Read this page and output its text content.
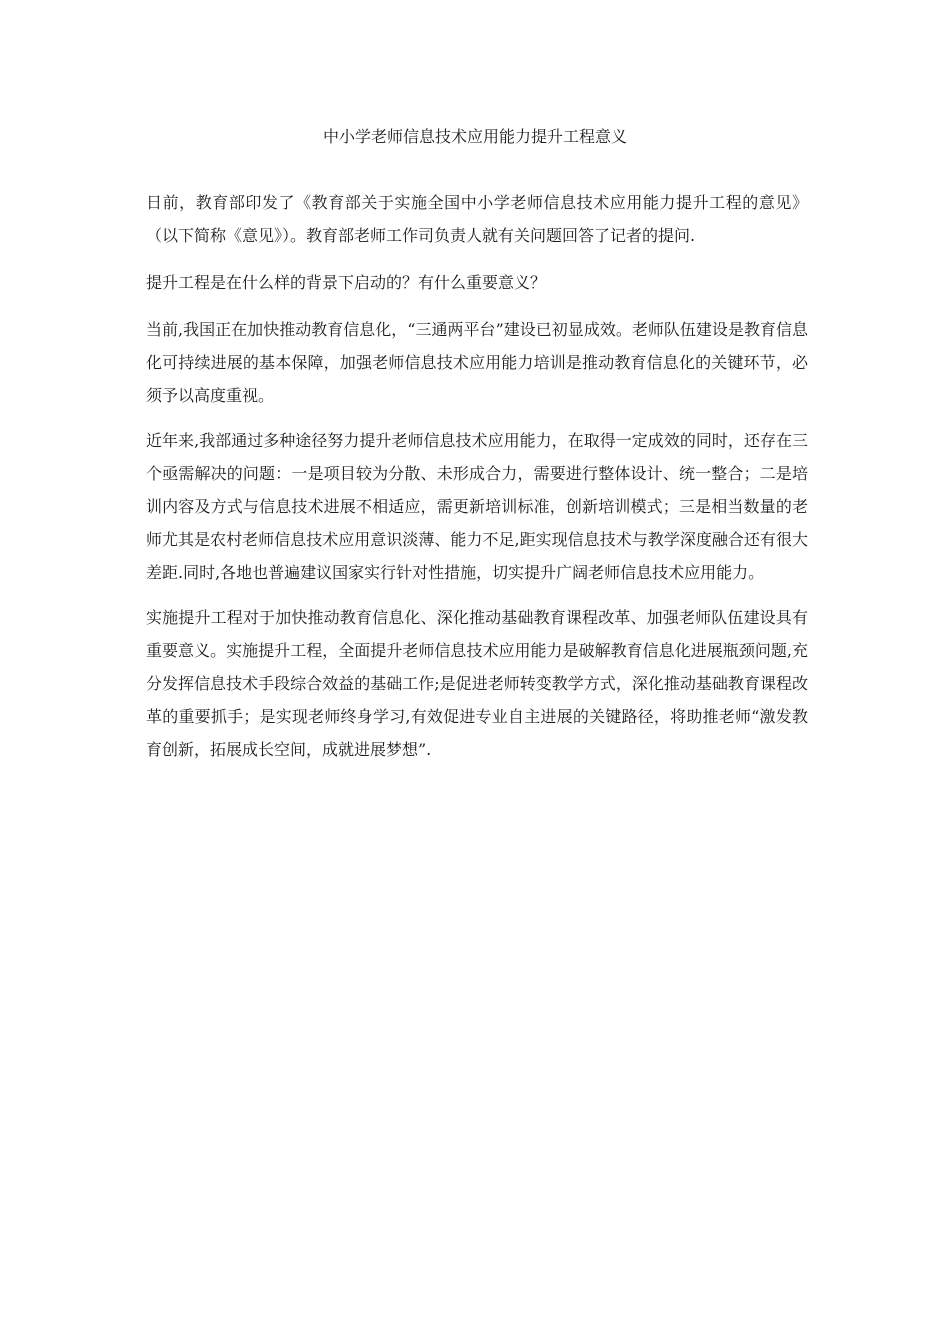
中小学老师信息技术应用能力提升工程意义

日前，教育部印发了《教育部关于实施全国中小学老师信息技术应用能力提升工程的意见》（以下简称《意见》）。教育部老师工作司负责人就有关问题回答了记者的提问.

提升工程是在什么样的背景下启动的？有什么重要意义？

当前,我国正在加快推动教育信息化，“三通两平台”建设已初显成效。老师队伍建设是教育信息化可持续进展的基本保障，加强老师信息技术应用能力培训是推动教育信息化的关键环节，必须予以高度重视。

近年来,我部通过多种途径努力提升老师信息技术应用能力，在取得一定成效的同时，还存在三个亟需解决的问题：一是项目较为分散、未形成合力，需要进行整体设计、统一整合；二是培训内容及方式与信息技术进展不相适应，需更新培训标准，创新培训模式；三是相当数量的老师尤其是农村老师信息技术应用意识淡薄、能力不足,距实现信息技术与教学深度融合还有很大差距.同时,各地也普遍建议国家实行针对性措施，切实提升广阔老师信息技术应用能力。

实施提升工程对于加快推动教育信息化、深化推动基础教育课程改革、加强老师队伍建设具有重要意义。实施提升工程，全面提升老师信息技术应用能力是破解教育信息化进展瓶颈问题,充分发挥信息技术手段综合效益的基础工作;是促进老师转变教学方式，深化推动基础教育课程改革的重要抓手；是实现老师终身学习,有效促进专业自主进展的关键路径，将助推老师“激发教育创新，拓展成长空间，成就进展梦想”.
